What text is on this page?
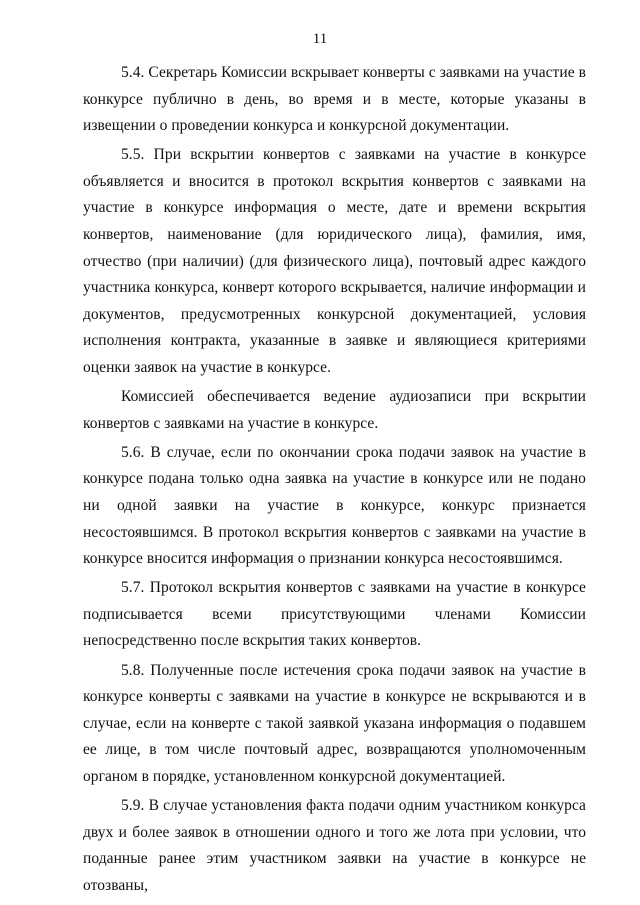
11

5.4. Секретарь Комиссии вскрывает конверты с заявками на участие в конкурсе публично в день, во время и в месте, которые указаны в извещении о проведении конкурса и конкурсной документации.

5.5. При вскрытии конвертов с заявками на участие в конкурсе объявляется и вносится в протокол вскрытия конвертов с заявками на участие в конкурсе информация о месте, дате и времени вскрытия конвертов, наименование (для юридического лица), фамилия, имя, отчество (при наличии) (для физического лица), почтовый адрес каждого участника конкурса, конверт которого вскрывается, наличие информации и документов, предусмотренных конкурсной документацией, условия исполнения контракта, указанные в заявке и являющиеся критериями оценки заявок на участие в конкурсе.

Комиссией обеспечивается ведение аудиозаписи при вскрытии конвертов с заявками на участие в конкурсе.

5.6. В случае, если по окончании срока подачи заявок на участие в конкурсе подана только одна заявка на участие в конкурсе или не подано ни одной заявки на участие в конкурсе, конкурс признается несостоявшимся. В протокол вскрытия конвертов с заявками на участие в конкурсе вносится информация о признании конкурса несостоявшимся.

5.7. Протокол вскрытия конвертов с заявками на участие в конкурсе подписывается всеми присутствующими членами Комиссии непосредственно после вскрытия таких конвертов.

5.8. Полученные после истечения срока подачи заявок на участие в конкурсе конверты с заявками на участие в конкурсе не вскрываются и в случае, если на конверте с такой заявкой указана информация о подавшем ее лице, в том числе почтовый адрес, возвращаются уполномоченным органом в порядке, установленном конкурсной документацией.

5.9. В случае установления факта подачи одним участником конкурса двух и более заявок в отношении одного и того же лота при условии, что поданные ранее этим участником заявки на участие в конкурсе не отозваны,
